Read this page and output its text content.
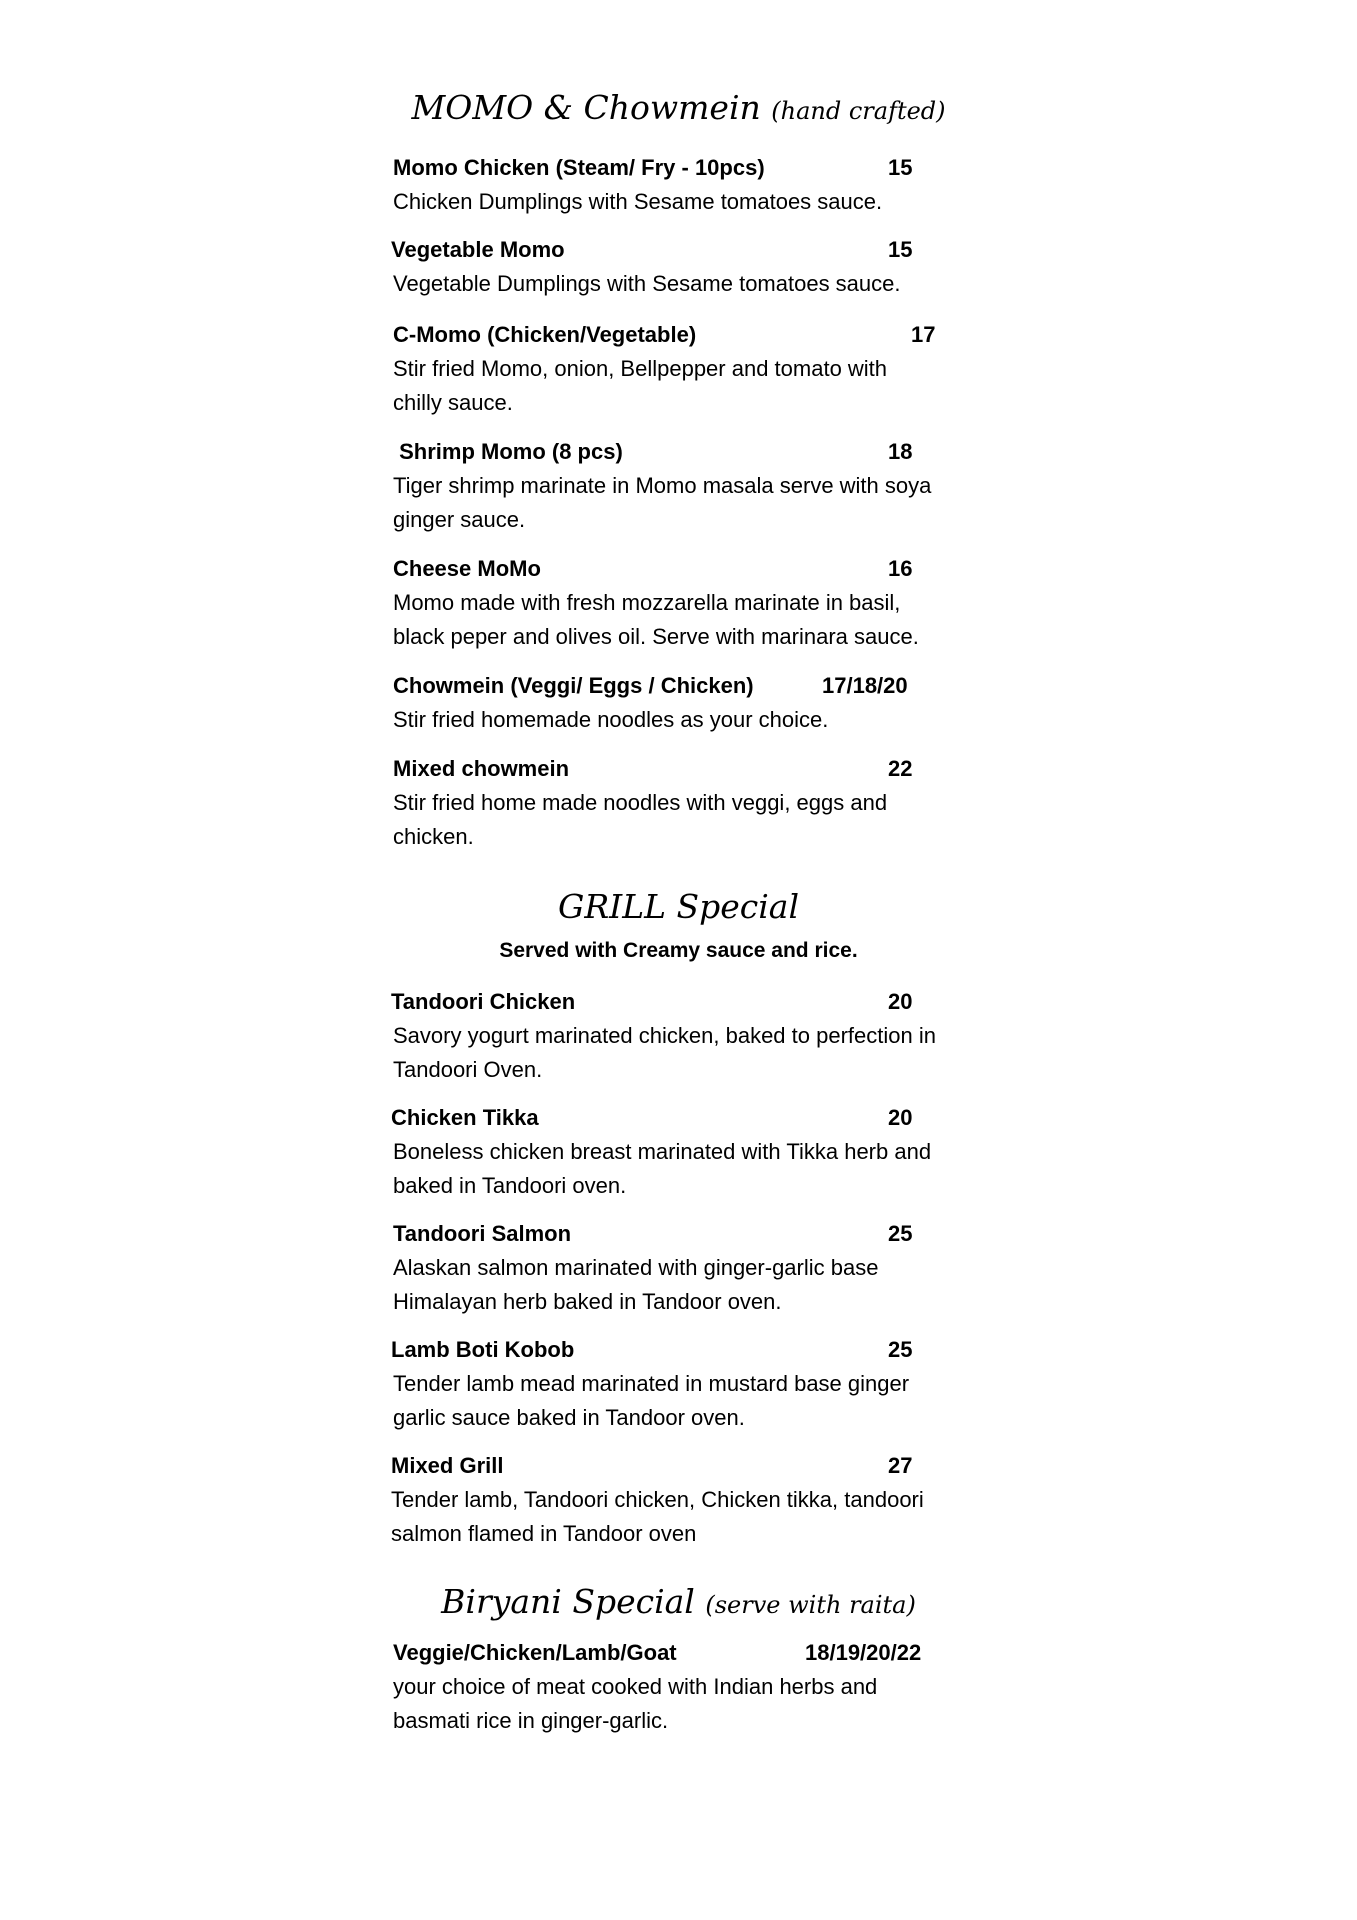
MOMO & Chowmein (hand crafted)
Momo Chicken (Steam/ Fry - 10pcs)	15
Chicken Dumplings with Sesame tomatoes sauce.
Vegetable Momo	15
Vegetable Dumplings with Sesame tomatoes sauce.
C-Momo (Chicken/Vegetable)	17
Stir fried Momo, onion, Bellpepper and tomato with
chilly sauce.
Shrimp Momo (8 pcs)	18
Tiger shrimp marinate in Momo masala serve with soya
ginger sauce.
Cheese MoMo	16
Momo made with fresh mozzarella marinate in basil,
black peper and olives oil. Serve with marinara sauce.
Chowmein (Veggi/ Eggs / Chicken)	17/18/20
Stir fried homemade noodles as your choice.
Mixed chowmein	22
Stir fried home made noodles with veggi, eggs and
chicken.
GRILL Special
Served with Creamy sauce and rice.
Tandoori Chicken	20
Savory yogurt marinated chicken, baked to perfection in
Tandoori Oven.
Chicken Tikka	20
Boneless chicken breast marinated with Tikka herb and
baked in Tandoori oven.
Tandoori Salmon	25
Alaskan salmon marinated with ginger-garlic base
Himalayan herb baked in Tandoor oven.
Lamb Boti Kobob	25
Tender lamb mead marinated in mustard base ginger
garlic sauce baked in Tandoor oven.
Mixed Grill	27
Tender lamb, Tandoori chicken, Chicken tikka, tandoori
salmon flamed in Tandoor oven
Biryani Special (serve with raita)
Veggie/Chicken/Lamb/Goat	18/19/20/22
your choice of meat cooked with Indian herbs and
basmati rice in ginger-garlic.
